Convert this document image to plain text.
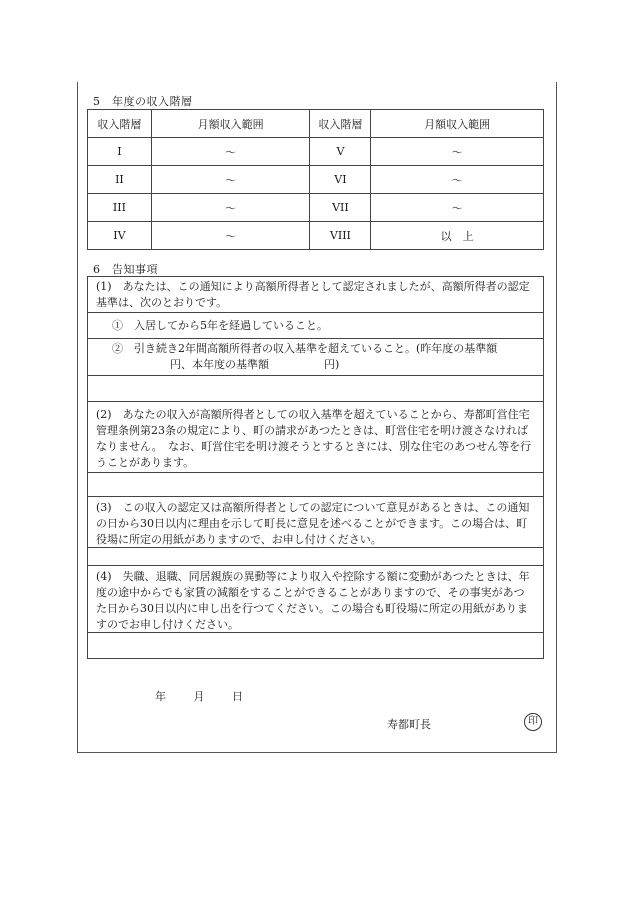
5　年度の収入階層
収入階層	月額収入範囲	収入階層	月額収入範囲
I	～	V	～
II	～	VI	～
III	～	VII	～
IV	～	VIII	以　上
6　告知事項
(1)　あなたは、この通知により高額所得者として認定されましたが、高額所得者の認定基準は、次のとおりです。
①　入居してから5年を経過していること。
②　引き続き2年間高額所得者の収入基準を超えていること。(昨年度の基準額
円、本年度の基準額　　　　　円)
(2)　あなたの収入が高額所得者としての収入基準を超えていることから、寿都町営住宅管理条例第23条の規定により、町の請求があつたときは、町営住宅を明け渡さなければなりません。　なお、町営住宅を明け渡そうとするときには、別な住宅のあつせん等を行うことがあります。
(3)　この収入の認定又は高額所得者としての認定について意見があるときは、この通知の日から30日以内に理由を示して町長に意見を述べることができます。この場合は、町役場に所定の用紙がありますので、お申し付けください。
(4)　失職、退職、同居親族の異動等により収入や控除する額に変動があつたときは、年度の途中からでも家賃の減額をすることができることがありますので、その事実があつた日から30日以内に申し出を行つてください。この場合も町役場に所定の用紙がありますのでお申し付けください。
年 月 日
寿都町長	印
